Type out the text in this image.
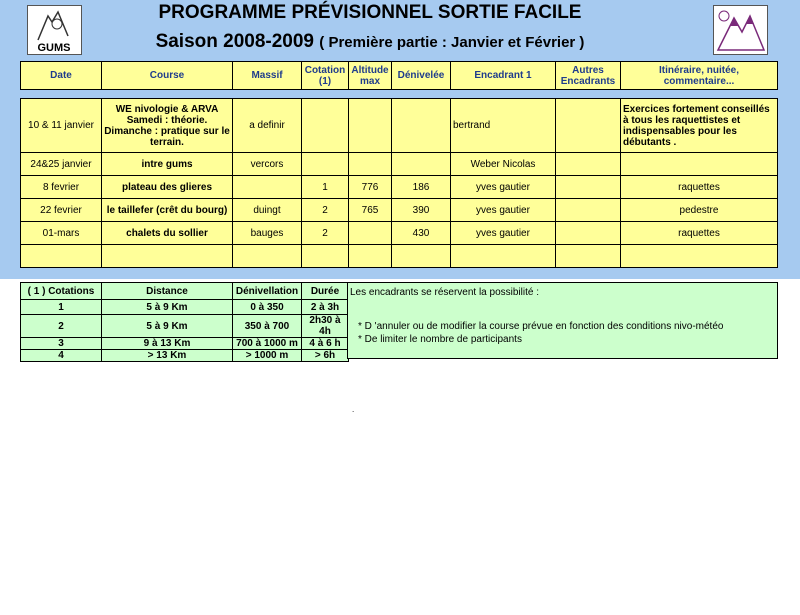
GUMS
PROGRAMME PRÉVISIONNEL SORTIE FACILE
Saison 2008-2009 ( Première partie : Janvier et Février )
Date	Course	Massif	Cotation (1)	Altitude max	Dénivelée	Encadrant 1	Autres Encadrants	Itinéraire, nuitée, commentaire...
10 & 11 janvier	WE nivologie & ARVA Samedi : théorie. Dimanche : pratique sur le terrain.	a definir				bertrand		Exercices fortement conseillés à tous les raquettistes et indispensables pour les débutants .
24&25 janvier	intre gums	vercors				Weber Nicolas		
8 fevrier	plateau des glieres		1	776	186	yves gautier		raquettes
22 fevrier	le taillefer (crêt du bourg)	duingt	2	765	390	yves gautier		pedestre
01-mars	chalets du sollier	bauges	2		430	yves gautier		raquettes

( 1 ) Cotations	Distance	Dénivellation	Durée
1	5 à 9 Km	0 à 350	2 à 3h
2	5 à 9 Km	350 à 700	2h30 à 4h
3	9 à 13 Km	700 à 1000 m	4 à 6 h
4	> 13 Km	> 1000 m	> 6h
Les encadrants se réservent la possibilité :
* D 'annuler ou de modifier la course prévue en fonction des conditions nivo-météo
* De limiter le nombre de participants
.
